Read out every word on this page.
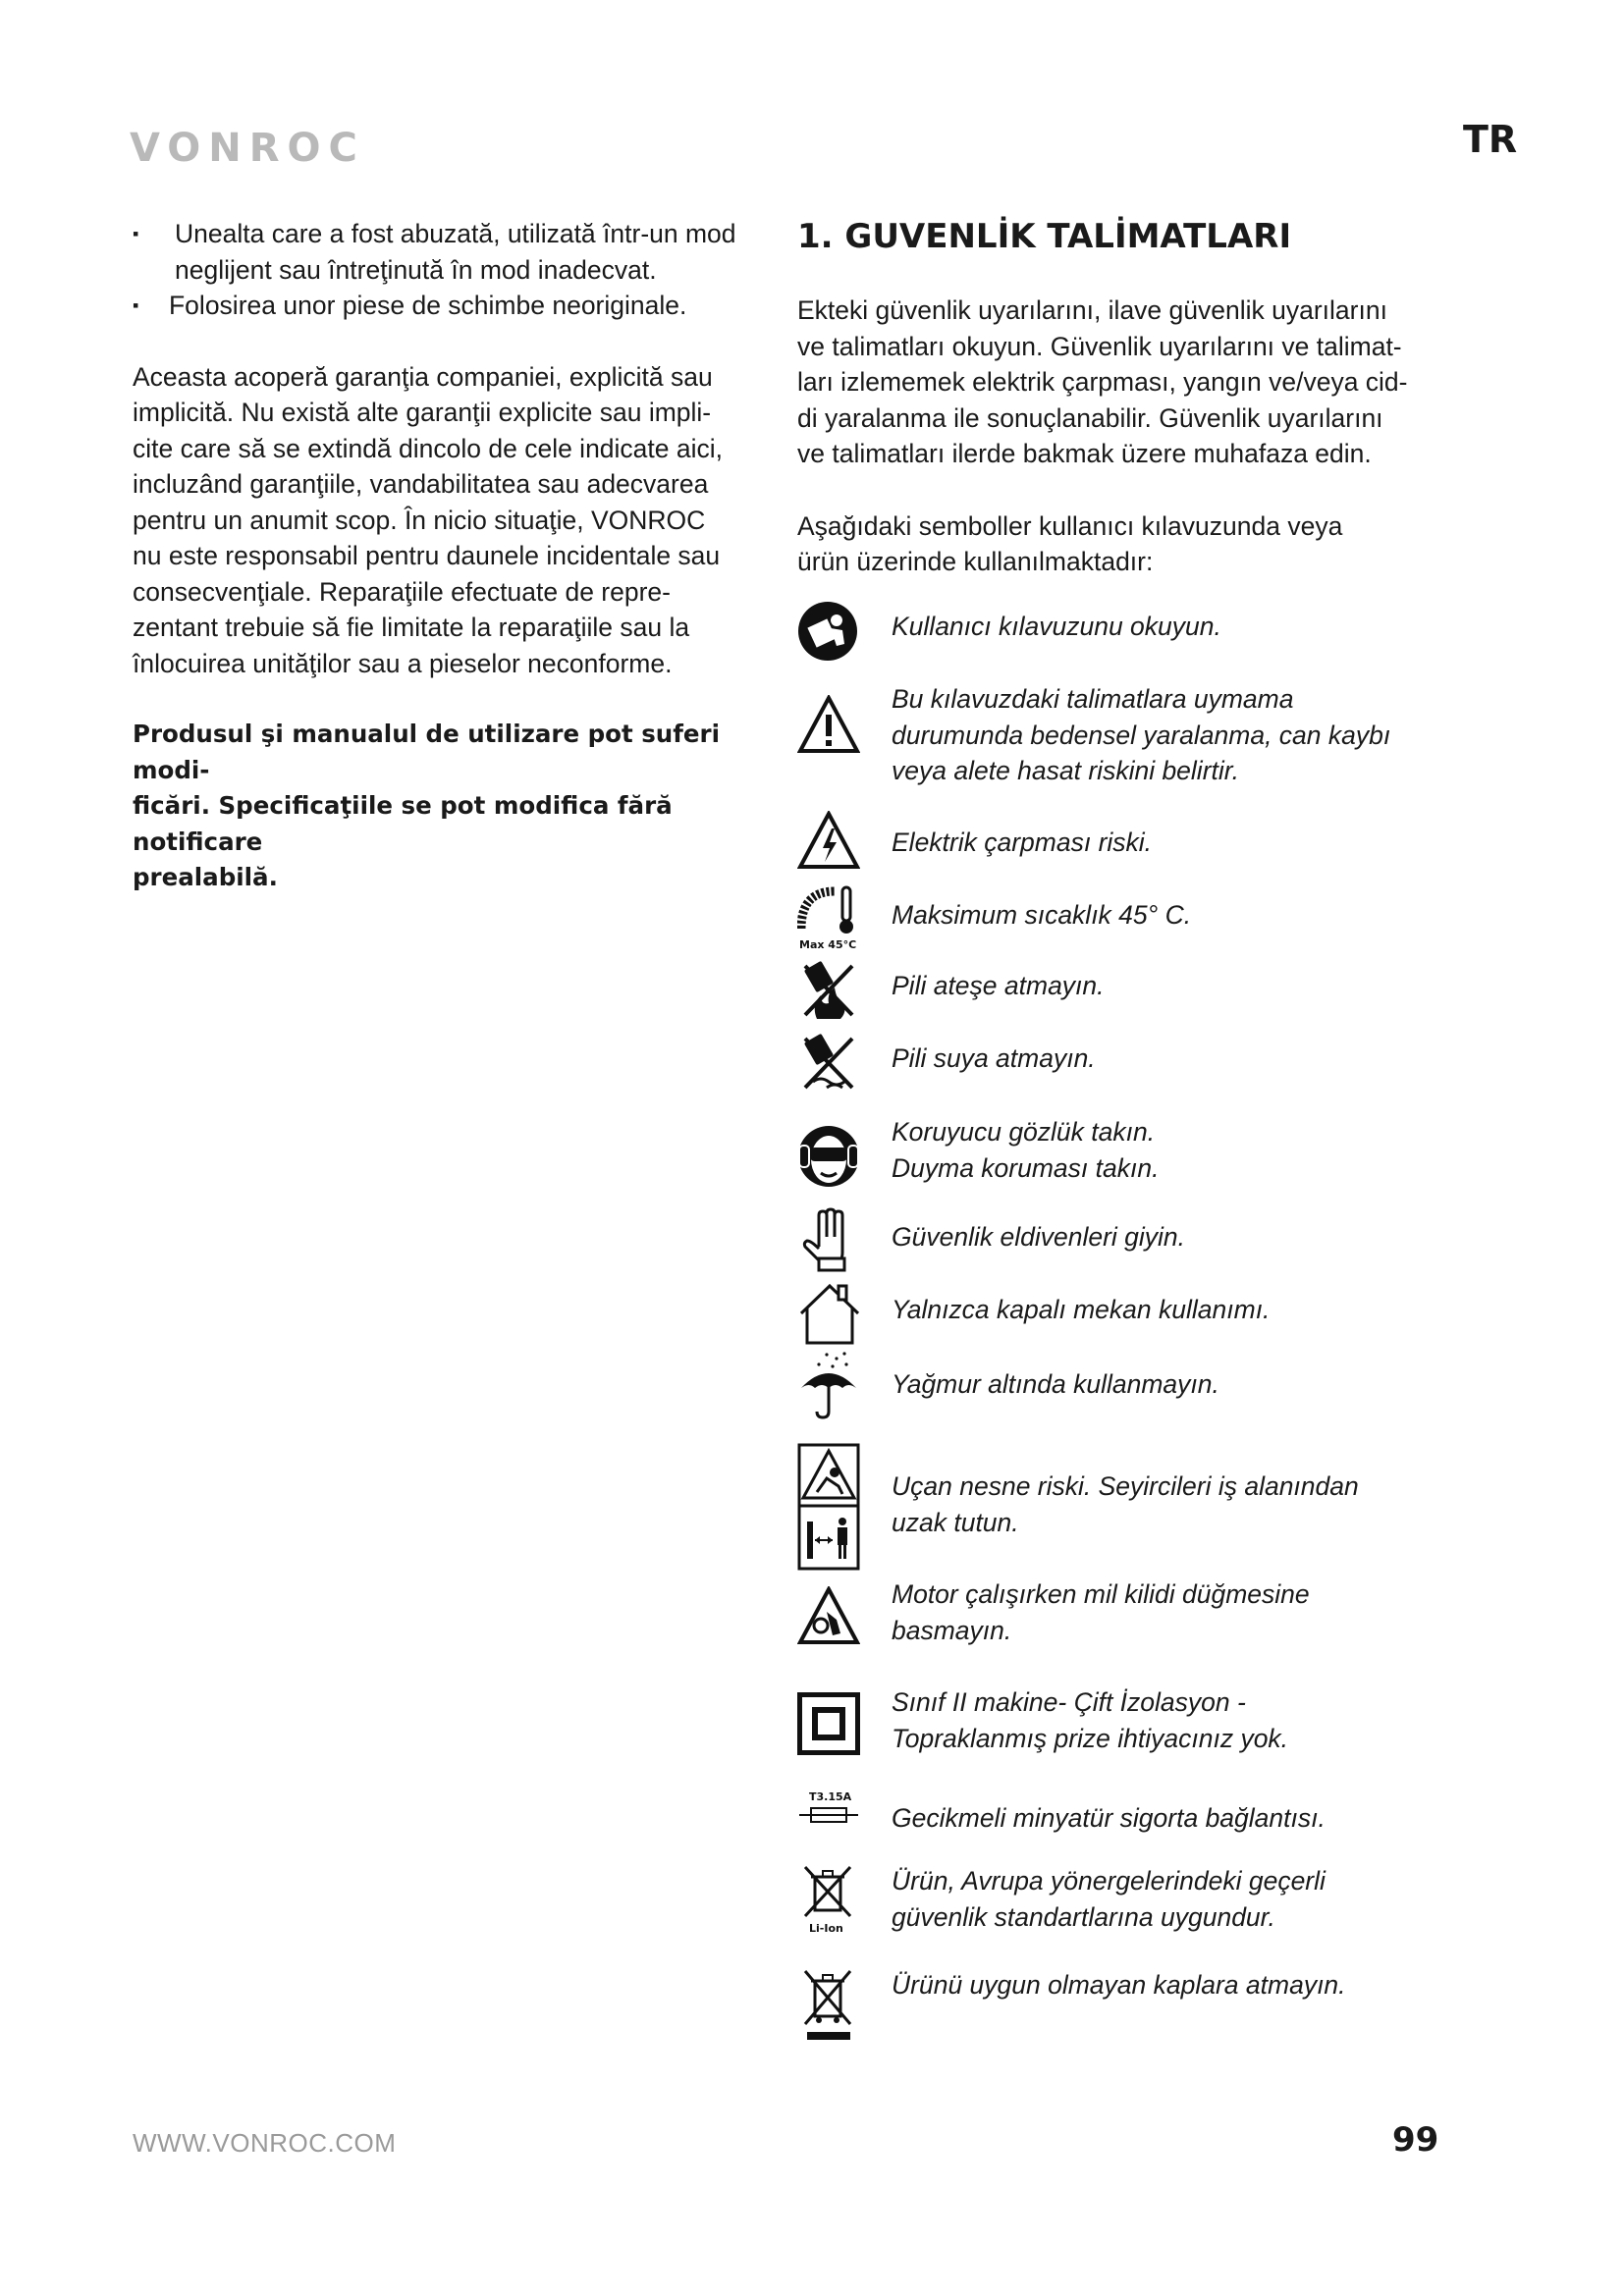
VONROC	TR
▪ Unealta care a fost abuzată, utilizată într-un mod neglijent sau întreţinută în mod inadecvat.
▪ Folosirea unor piese de schimbe neoriginale.
Aceasta acoperă garanţia companiei, explicită sau
implicită. Nu există alte garanţii explicite sau impli-
cite care să se extindă dincolo de cele indicate aici,
incluzând garanţiile, vandabilitatea sau adecvarea
pentru un anumit scop. În nicio situaţie, VONROC
nu este responsabil pentru daunele incidentale sau
consecvenţiale. Reparaţiile efectuate de repre-
zentant trebuie să fie limitate la reparaţiile sau la
înlocuirea unităţilor sau a pieselor neconforme.
Produsul şi manualul de utilizare pot suferi modi-
ficări. Specificaţiile se pot modifica fără notificare
prealabilă.
1. GUVENLİK TALİMATLARI
Ekteki güvenlik uyarılarını, ilave güvenlik uyarılarını
ve talimatları okuyun. Güvenlik uyarılarını ve talimat-
ları izlememek elektrik çarpması, yangın ve/veya cid-
di yaralanma ile sonuçlanabilir. Güvenlik uyarılarını
ve talimatları ilerde bakmak üzere muhafaza edin.
Aşağıdaki semboller kullanıcı kılavuzunda veya
ürün üzerinde kullanılmaktadır:
Kullanıcı kılavuzunu okuyun.
Bu kılavuzdaki talimatlara uymama
durumunda bedensel yaralanma, can kaybı
veya alete hasat riskini belirtir.
Elektrik çarpması riski.
Max 45°C
Maksimum sıcaklık 45° C.
Pili ateşe atmayın.
Pili suya atmayın.
Koruyucu gözlük takın.
Duyma koruması takın.
Güvenlik eldivenleri giyin.
Yalnızca kapalı mekan kullanımı.
Yağmur altında kullanmayın.
Uçan nesne riski. Seyircileri iş alanından
uzak tutun.
Motor çalışırken mil kilidi düğmesine
basmayın.
Sınıf II makine- Çift İzolasyon -
Topraklanmış prize ihtiyacınız yok.
T3.15A
Gecikmeli minyatür sigorta bağlantısı.
Li-Ion
Ürün, Avrupa yönergelerindeki geçerli
güvenlik standartlarına uygundur.
Ürünü uygun olmayan kaplara atmayın.
WWW.VONROC.COM	99
